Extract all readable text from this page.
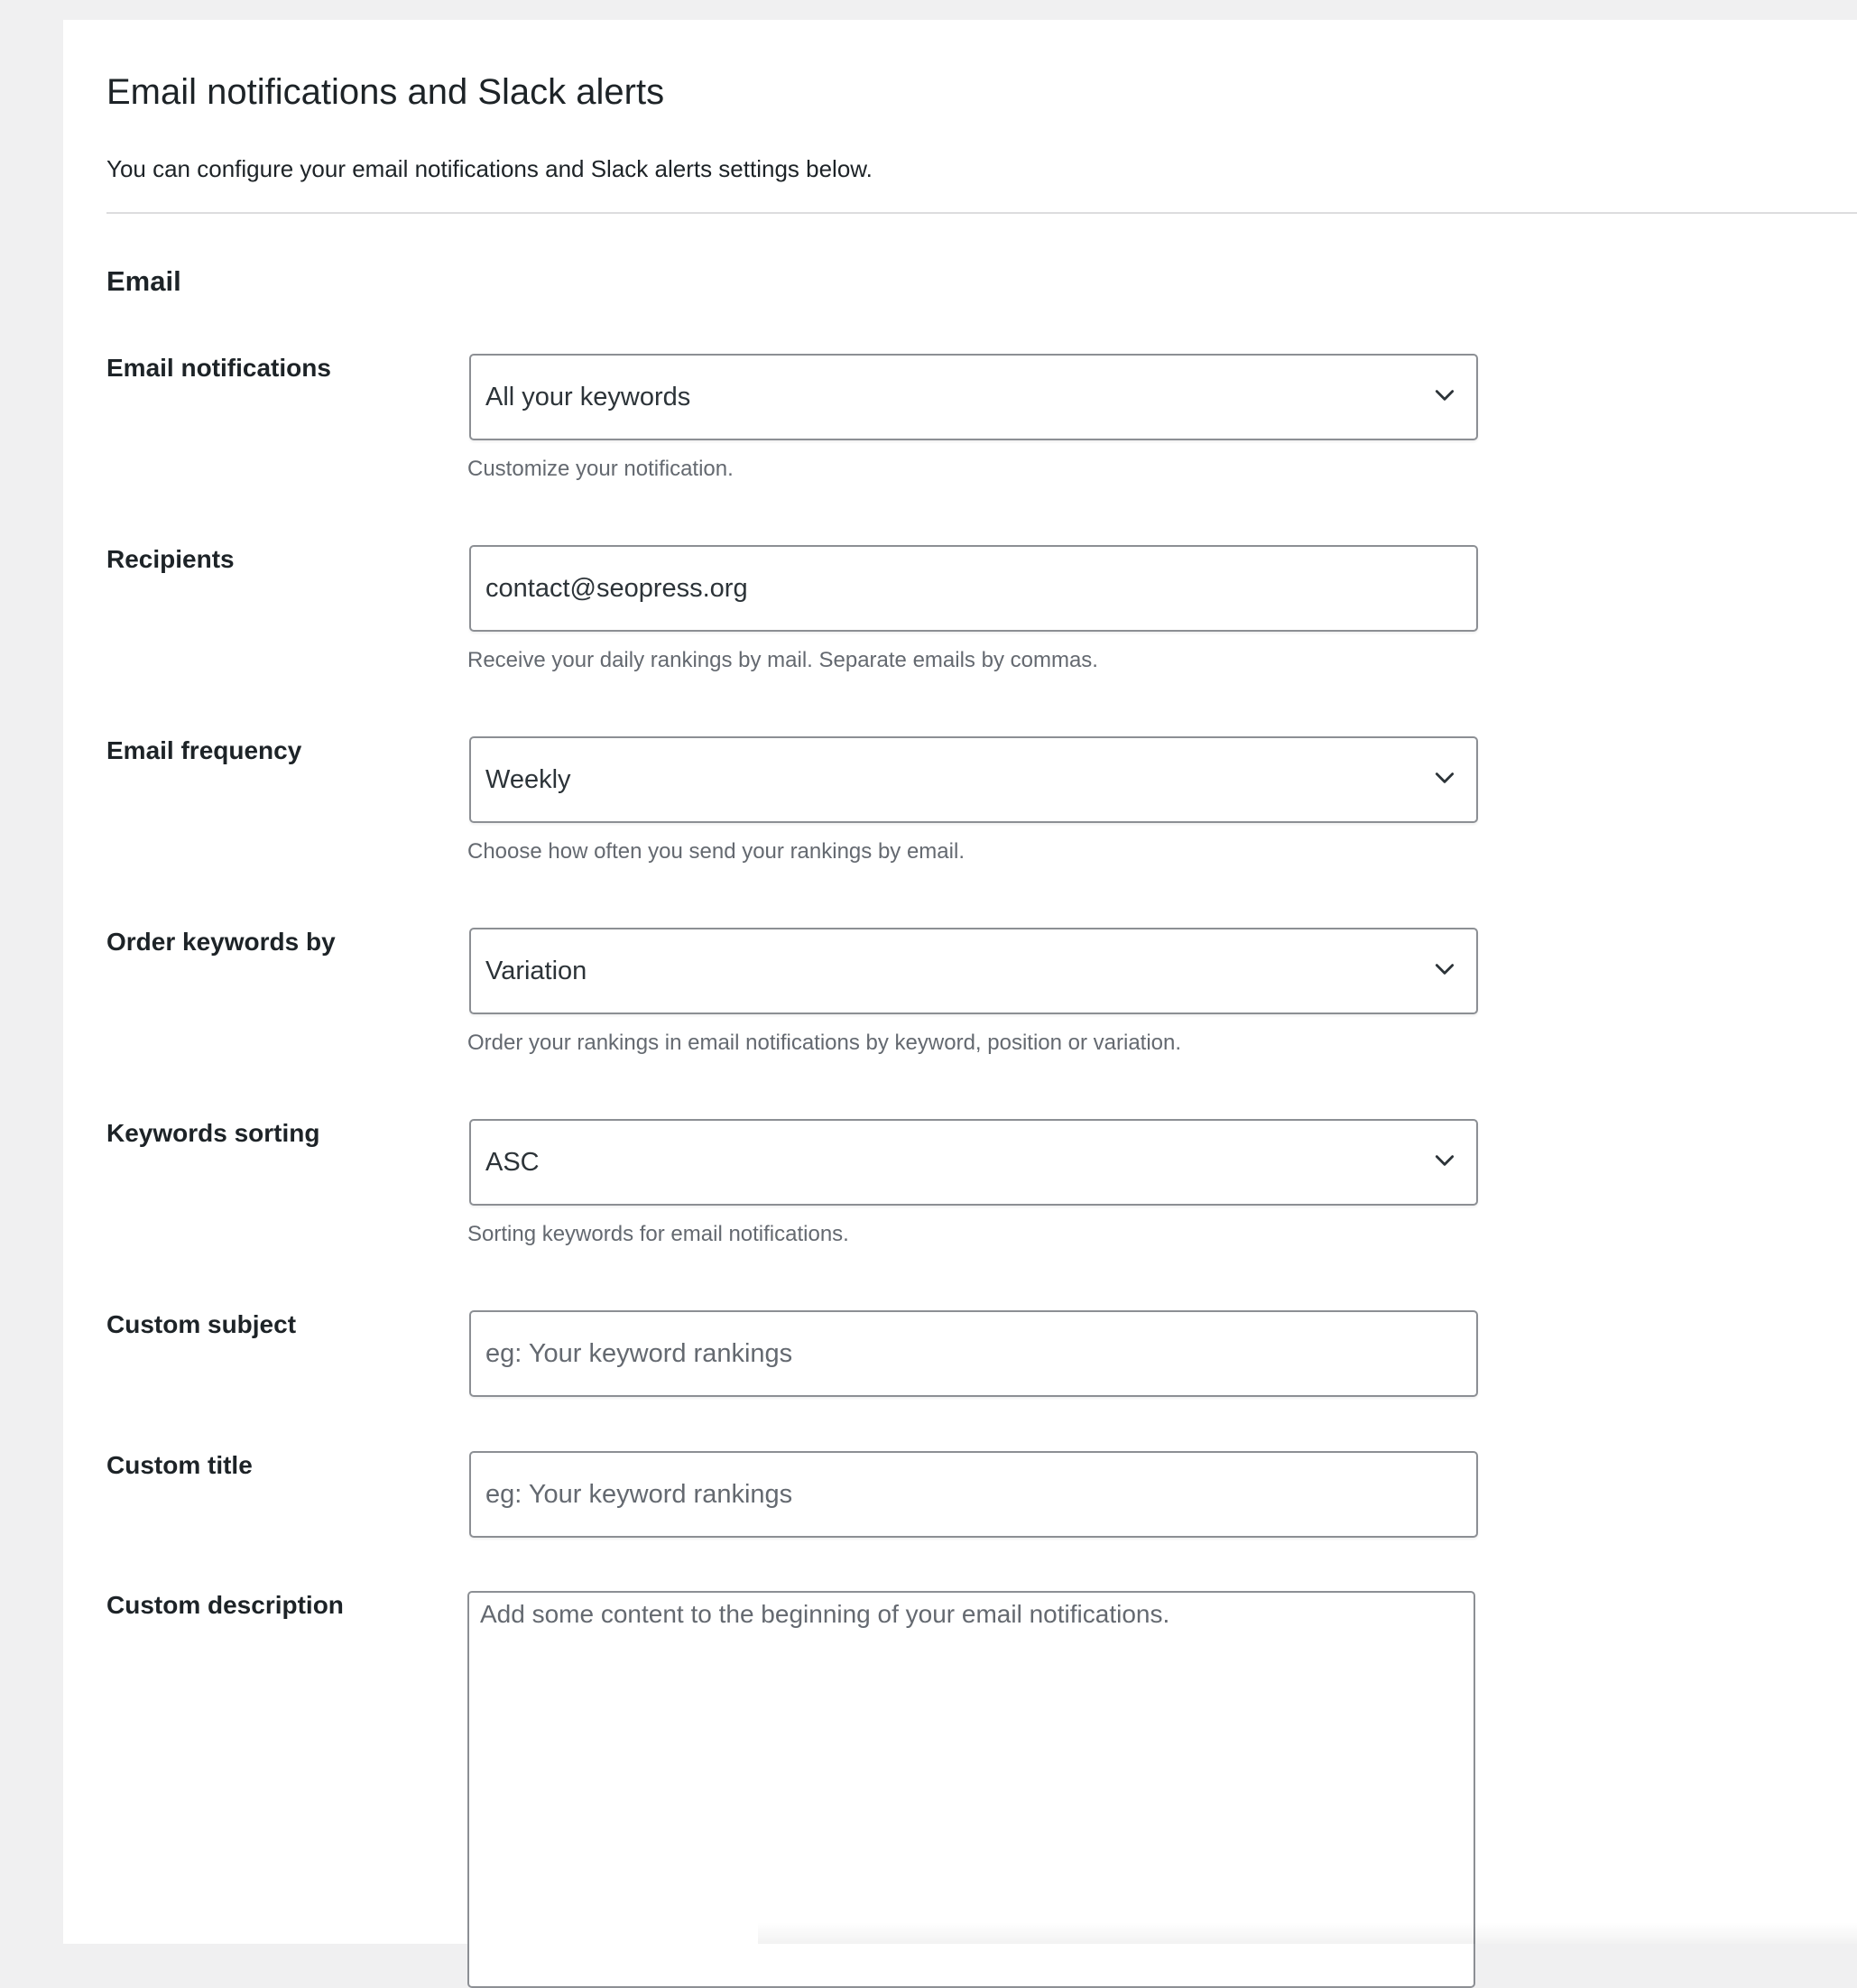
Email notifications and Slack alerts

You can configure your email notifications and Slack alerts settings below.

Email
Email notifications
All your keywords
Customize your notification.
Recipients
contact@seopress.org
Receive your daily rankings by mail. Separate emails by commas.
Email frequency
Weekly
Choose how often you send your rankings by email.
Order keywords by
Variation
Order your rankings in email notifications by keyword, position or variation.
Keywords sorting
ASC
Sorting keywords for email notifications.
Custom subject
eg: Your keyword rankings
Custom title
eg: Your keyword rankings
Custom description
Add some content to the beginning of your email notifications.
